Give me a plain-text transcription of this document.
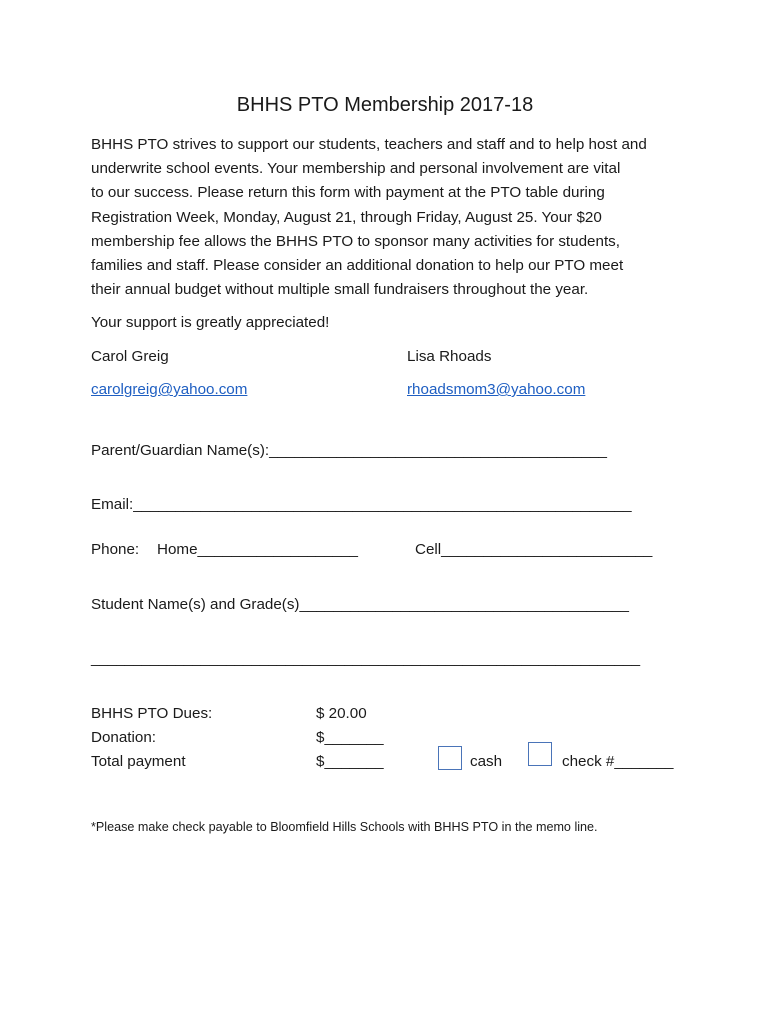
BHHS PTO Membership 2017-18

BHHS PTO strives to support our students, teachers and staff and to help host and

underwrite school events. Your membership and personal involvement are vital

to our success. Please return this form with payment at the PTO table during

Registration Week, Monday, August 21, through Friday, August 25. Your $20

membership fee allows the BHHS PTO to sponsor many activities for students,

families and staff. Please consider an additional donation to help our PTO meet

their annual budget without multiple small fundraisers throughout the year.

Your support is greatly appreciated!
Carol Greig	Lisa Rhoads
carolgreig@yahoo.com	rhoadsmom3@yahoo.com
Parent/Guardian Name(s):________________________________________
Email:___________________________________________________________
Phone: Home___________________	Cell_________________________
Student Name(s) and Grade(s)_______________________________________
_________________________________________________________________
BHHS PTO Dues:	$ 20.00
Donation:	$_______
Total payment	$_______	cash	check #_______
*Please make check payable to Bloomfield Hills Schools with BHHS PTO in the memo line.
